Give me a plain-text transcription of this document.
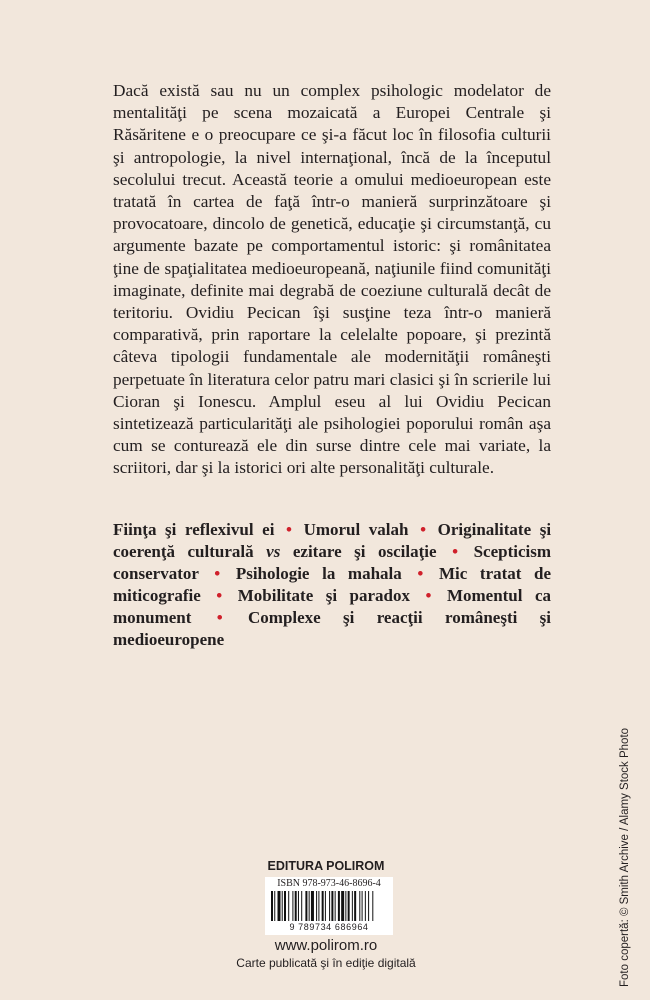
Dacă există sau nu un complex psihologic modelator de mentalităţi pe scena mozaicată a Europei Centrale şi Răsăritene e o preocupare ce şi-a făcut loc în filosofia culturii şi antropologie, la nivel internaţional, încă de la începutul secolului trecut. Această teorie a omului medioeuropean este tratată în cartea de faţă într-o manieră surprinzătoare şi provocatoare, dincolo de genetică, educaţie şi circumstanţă, cu argumente bazate pe comportamentul istoric: şi românitatea ţine de spaţialitatea medioeuropeană, naţiunile fiind comunităţi imaginate, definite mai degrabă de coeziune culturală decât de teritoriu. Ovidiu Pecican îşi susţine teza într-o manieră comparativă, prin raportare la celelalte popoare, şi prezintă câteva tipologii fundamentale ale modernităţii româneşti perpetuate în literatura celor patru mari clasici şi în scrierile lui Cioran şi Ionescu. Amplul eseu al lui Ovidiu Pecican sintetizează particularităţi ale psihologiei poporului român aşa cum se conturează ele din surse dintre cele mai variate, la scriitori, dar şi la istorici ori alte personalităţi culturale.

Fiinţa şi reflexivul ei • Umorul valah • Originalitate şi coerenţă culturală vs ezitare şi oscilaţie • Scepticism conservator • Psihologie la mahala • Mic tratat de miticografie • Mobilitate şi paradox • Momentul ca monument • Complexe şi reacţii româneşti şi medioeuropene

EDITURA POLIROM
ISBN 978-973-46-8696-4
9 789734 686964
www.polirom.ro
Carte publicată şi în ediţie digitală	Foto copertă: © Smith Archive / Alamy Stock Photo
